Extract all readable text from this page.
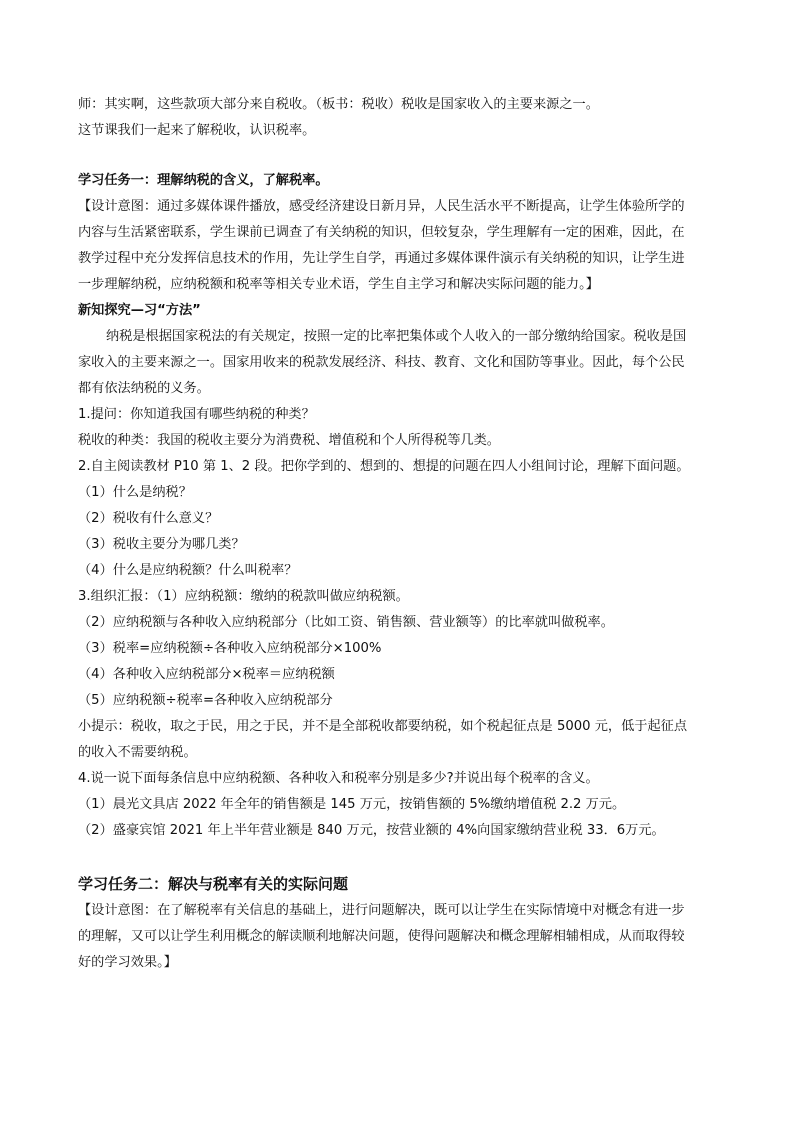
师：其实啊，这些款项大部分来自税收。（板书：税收）税收是国家收入的主要来源之一。
这节课我们一起来了解税收，认识税率。
学习任务一：理解纳税的含义，了解税率。
【设计意图：通过多媒体课件播放，感受经济建设日新月异，人民生活水平不断提高，让学生体验所学的
内容与生活紧密联系，学生课前已调查了有关纳税的知识，但较复杂，学生理解有一定的困难，因此，在
教学过程中充分发挥信息技术的作用，先让学生自学，再通过多媒体课件演示有关纳税的知识，让学生进
一步理解纳税，应纳税额和税率等相关专业术语，学生自主学习和解决实际问题的能力。】
新知探究—习“方法”
纳税是根据国家税法的有关规定，按照一定的比率把集体或个人收入的一部分缴纳给国家。税收是国
家收入的主要来源之一。国家用收来的税款发展经济、科技、教育、文化和国防等事业。因此，每个公民
都有依法纳税的义务。
1.提问：你知道我国有哪些纳税的种类？
税收的种类：我国的税收主要分为消费税、增值税和个人所得税等几类。
2.自主阅读教材 P10 第 1、2 段。把你学到的、想到的、想提的问题在四人小组间讨论，理解下面问题。
（1）什么是纳税？
（2）税收有什么意义？
（3）税收主要分为哪几类？
（4）什么是应纳税额？什么叫税率？
3.组织汇报：（1）应纳税额：缴纳的税款叫做应纳税额。
（2）应纳税额与各种收入应纳税部分（比如工资、销售额、营业额等）的比率就叫做税率。
（3）税率=应纳税额÷各种收入应纳税部分×100%
（4）各种收入应纳税部分×税率＝应纳税额
（5）应纳税额÷税率=各种收入应纳税部分
小提示：税收，取之于民，用之于民，并不是全部税收都要纳税，如个税起征点是 5000 元，低于起征点
的收入不需要纳税。
4.说一说下面每条信息中应纳税额、各种收入和税率分别是多少?并说出每个税率的含义。
（1）晨光文具店 2022 年全年的销售额是 145 万元，按销售额的 5%缴纳增值税 2.2 万元。
（2）盛豪宾馆 2021 年上半年营业额是 840 万元，按营业额的 4%向国家缴纳营业税 33．6万元。
学习任务二：解决与税率有关的实际问题
【设计意图：在了解税率有关信息的基础上，进行问题解决，既可以让学生在实际情境中对概念有进一步
的理解，又可以让学生利用概念的解读顺利地解决问题，使得问题解决和概念理解相辅相成，从而取得较
好的学习效果。】
